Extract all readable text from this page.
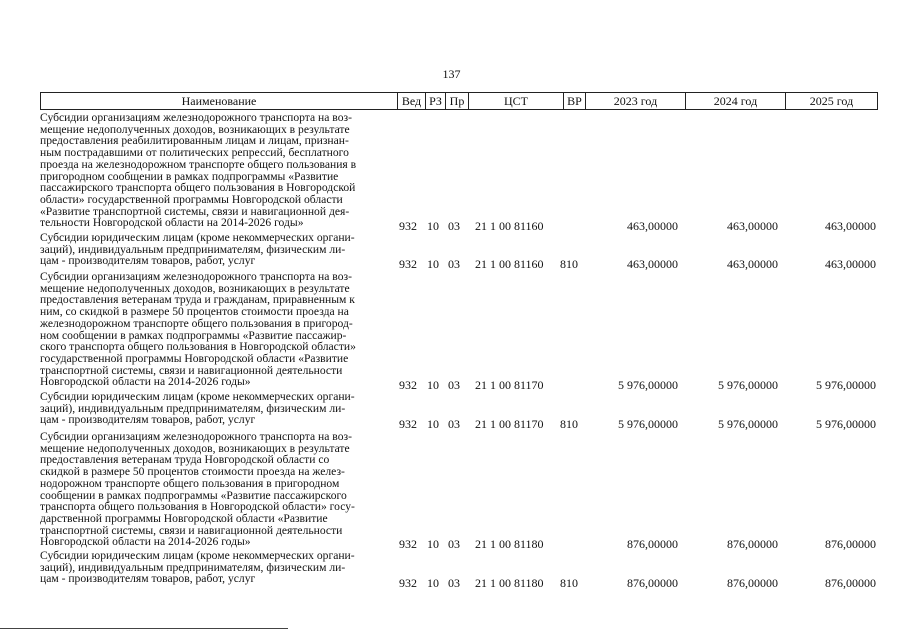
137
Наименование	Вед РЗ Пр	ЦСТ	ВР	2023 год	2024 год	2025 год
Субсидии организациям железнодорожного транспорта на воз-
мещение недополученных доходов, возникающих в результате
предоставления реабилитированным лицам и лицам, признан-
ным пострадавшими от политических репрессий, бесплатного
проезда на железнодорожном транспорте общего пользования в
пригородном сообщении в рамках подпрограммы «Развитие
пассажирского транспорта общего пользования в Новгородской
области» государственной программы Новгородской области
«Развитие транспортной системы, связи и навигационной дея-
тельности Новгородской области на 2014-2026 годы»	932 10 03 21 1 00 81160	463,00000	463,00000	463,00000
Субсидии юридическим лицам (кроме некоммерческих органи-
заций), индивидуальным предпринимателям, физическим ли-
цам - производителям товаров, работ, услуг	932 10 03 21 1 00 81160 810	463,00000	463,00000	463,00000
Субсидии организациям железнодорожного транспорта на воз-
мещение недополученных доходов, возникающих в результате
предоставления ветеранам труда и гражданам, приравненным к
ним, со скидкой в размере 50 процентов стоимости проезда на
железнодорожном транспорте общего пользования в пригород-
ном сообщении в рамках подпрограммы «Развитие пассажир-
ского транспорта общего пользования в Новгородской области»
государственной программы Новгородской области «Развитие
транспортной системы, связи и навигационной деятельности
Новгородской области на 2014-2026 годы»	932 10 03 21 1 00 81170	5 976,00000	5 976,00000	5 976,00000
Субсидии юридическим лицам (кроме некоммерческих органи-
заций), индивидуальным предпринимателям, физическим ли-
цам - производителям товаров, работ, услуг	932 10 03 21 1 00 81170 810	5 976,00000	5 976,00000	5 976,00000
Субсидии организациям железнодорожного транспорта на воз-
мещение недополученных доходов, возникающих в результате
предоставления ветеранам труда Новгородской области со
скидкой в размере 50 процентов стоимости проезда на желез-
нодорожном транспорте общего пользования в пригородном
сообщении в рамках подпрограммы «Развитие пассажирского
транспорта общего пользования в Новгородской области» госу-
дарственной программы Новгородской области «Развитие
транспортной системы, связи и навигационной деятельности
Новгородской области на 2014-2026 годы»	932 10 03 21 1 00 81180	876,00000	876,00000	876,00000
Субсидии юридическим лицам (кроме некоммерческих органи-
заций), индивидуальным предпринимателям, физическим ли-
цам - производителям товаров, работ, услуг	932 10 03 21 1 00 81180 810	876,00000	876,00000	876,00000
